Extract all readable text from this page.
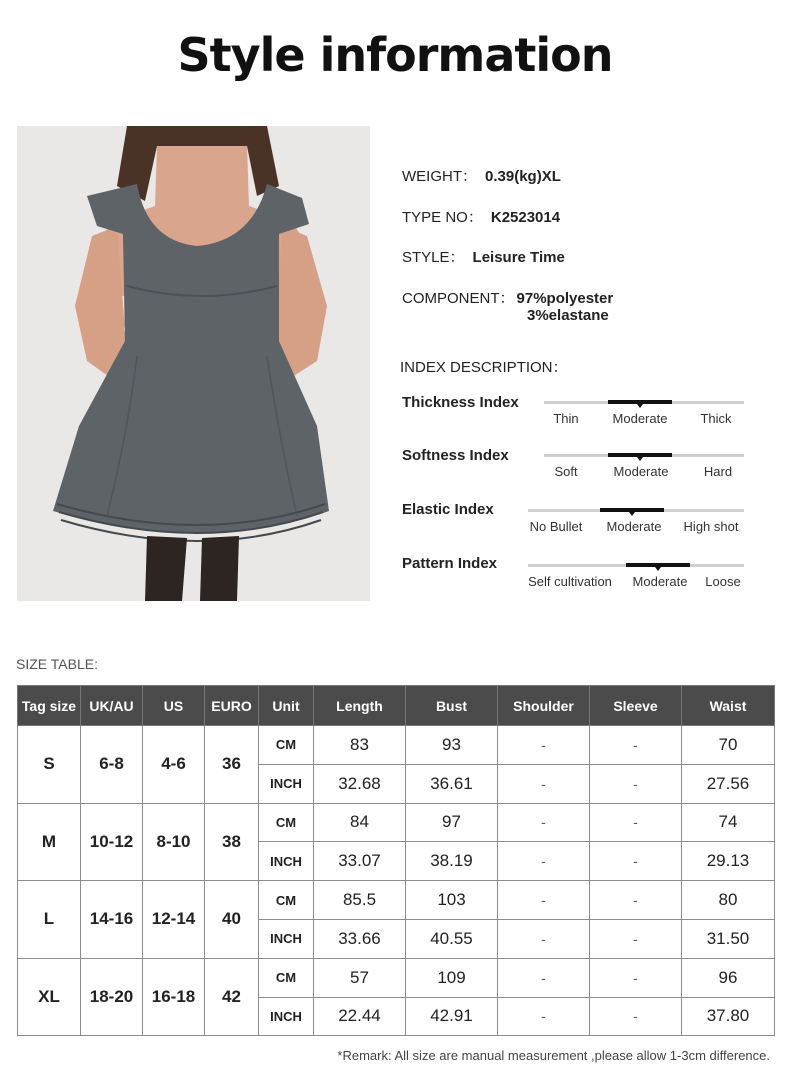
Style information
WEIGHT： 0.39(kg)XL
TYPE NO： K2523014
STYLE： Leisure Time
COMPONENT： 97%polyester
3%elastane
INDEX DESCRIPTION：
Thickness Index
Thin	Moderate	Thick
Softness Index
Soft	Moderate	Hard
Elastic Index
No Bullet Moderate High shot
Pattern Index
Self cultivation Moderate Loose
SIZE TABLE:
Tag size	UK/AU	US	EURO	Unit	Length	Bust	Shoulder	Sleeve	Waist
S	6-8	4-6	36	CM	83	93	-	-	70
				INCH	32.68	36.61	-	-	27.56
M	10-12	8-10	38	CM	84	97	-	-	74
				INCH	33.07	38.19	-	-	29.13
L	14-16	12-14	40	CM	85.5	103	-	-	80
				INCH	33.66	40.55	-	-	31.50
XL	18-20	16-18	42	CM	57	109	-	-	96
				INCH	22.44	42.91	-	-	37.80
*Remark: All size are manual measurement ,please allow 1-3cm difference.
